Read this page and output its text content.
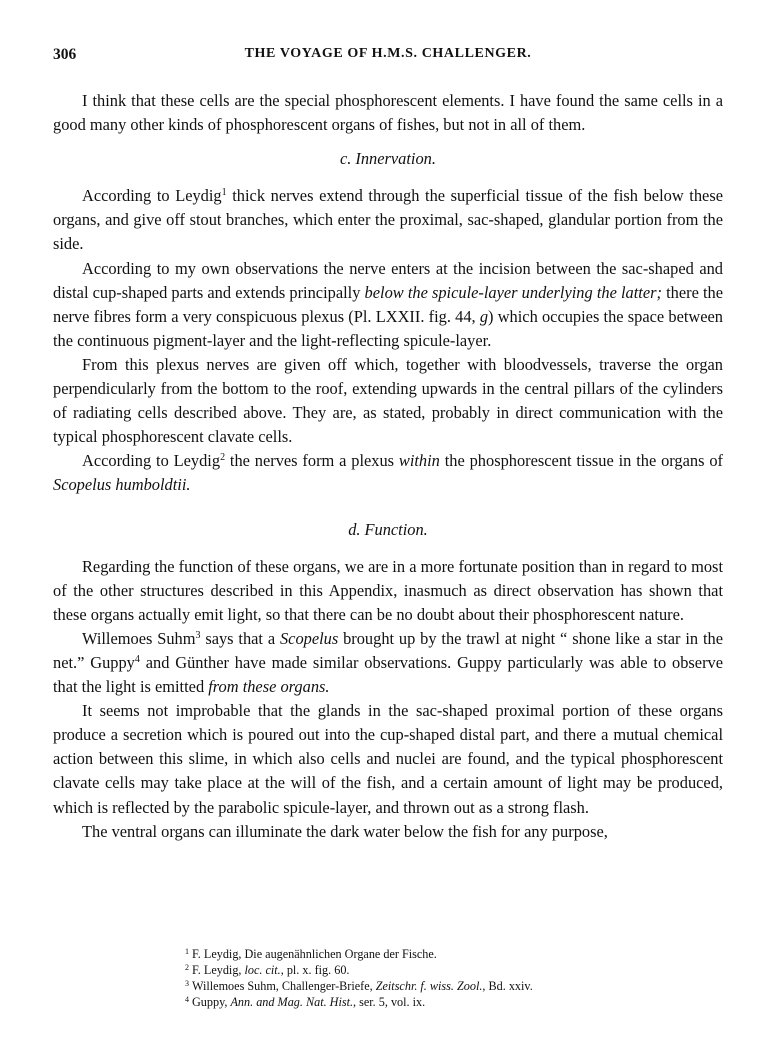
306	THE VOYAGE OF H.M.S. CHALLENGER.

I think that these cells are the special phosphorescent elements. I have found the same cells in a good many other kinds of phosphorescent organs of fishes, but not in all of them.

c. Innervation.

According to Leydig$^1$ thick nerves extend through the superficial tissue of the fish below these organs, and give off stout branches, which enter the proximal, sac-shaped, glandular portion from the side.

According to my own observations the nerve enters at the incision between the sac-shaped and distal cup-shaped parts and extends principally below the spicule-layer underlying the latter; there the nerve fibres form a very conspicuous plexus (Pl. LXXII. fig. 44, g) which occupies the space between the continuous pigment-layer and the light-reflecting spicule-layer.

From this plexus nerves are given off which, together with bloodvessels, traverse the organ perpendicularly from the bottom to the roof, extending upwards in the central pillars of the cylinders of radiating cells described above. They are, as stated, probably in direct communication with the typical phosphorescent clavate cells.

According to Leydig$^2$ the nerves form a plexus within the phosphorescent tissue in the organs of Scopelus humboldtii.

d. Function.

Regarding the function of these organs, we are in a more fortunate position than in regard to most of the other structures described in this Appendix, inasmuch as direct observation has shown that these organs actually emit light, so that there can be no doubt about their phosphorescent nature.

Willemoes Suhm$^3$ says that a Scopelus brought up by the trawl at night “ shone like a star in the net.” Guppy$^4$ and Günther have made similar observations. Guppy particularly was able to observe that the light is emitted from these organs.

It seems not improbable that the glands in the sac-shaped proximal portion of these organs produce a secretion which is poured out into the cup-shaped distal part, and there a mutual chemical action between this slime, in which also cells and nuclei are found, and the typical phosphorescent clavate cells may take place at the will of the fish, and a certain amount of light may be produced, which is reflected by the parabolic spicule-layer, and thrown out as a strong flash.

The ventral organs can illuminate the dark water below the fish for any purpose,

$^1$ F. Leydig, Die augenähnlichen Organe der Fische.
$^2$ F. Leydig, loc. cit., pl. x. fig. 60.
$^3$ Willemoes Suhm, Challenger-Briefe, Zeitschr. f. wiss. Zool., Bd. xxiv.
$^4$ Guppy, Ann. and Mag. Nat. Hist., ser. 5, vol. ix.
